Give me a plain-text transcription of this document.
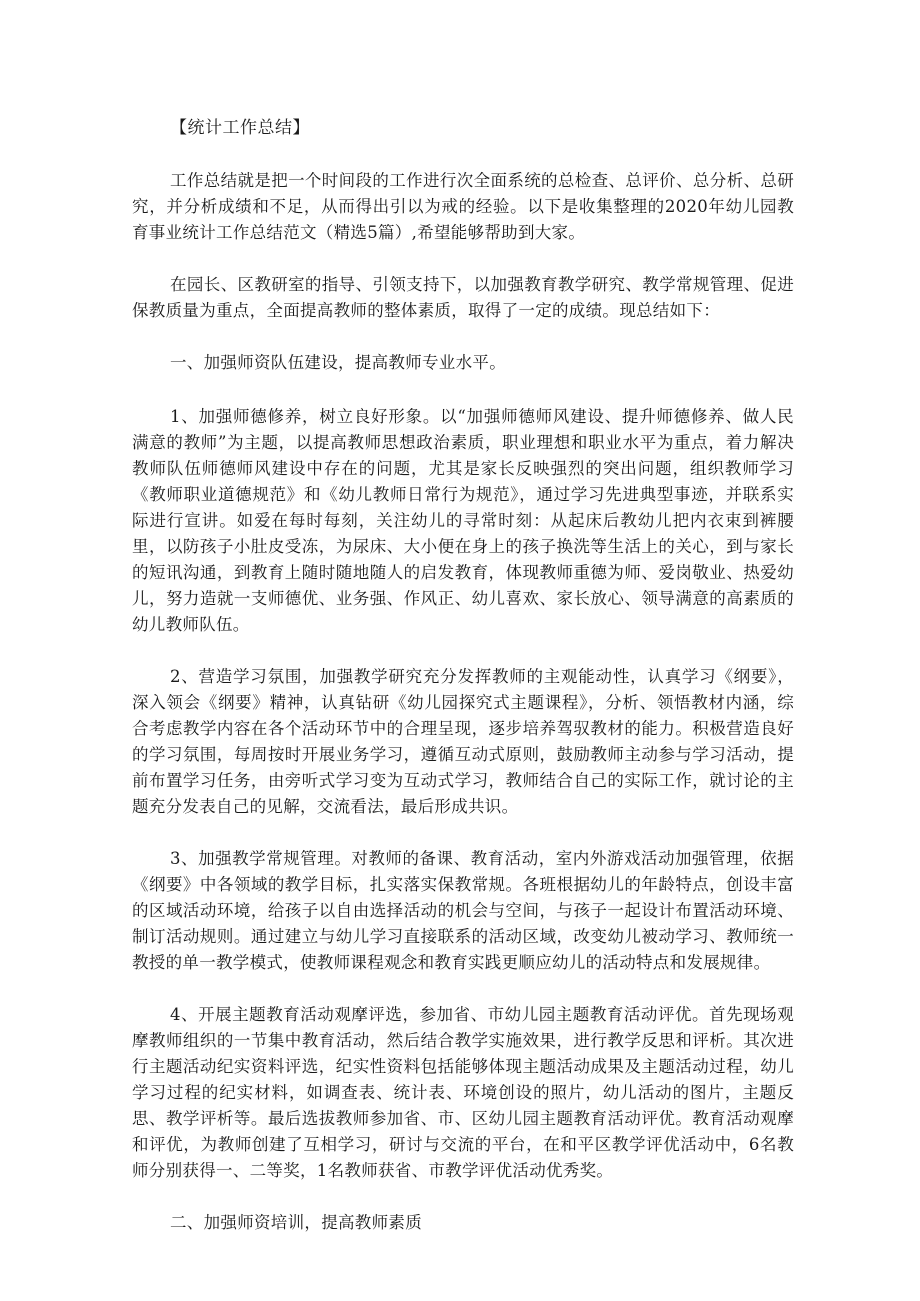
【统计工作总结】

工作总结就是把一个时间段的工作进行次全面系统的总检查、总评价、总分析、总研究，并分析成绩和不足，从而得出引以为戒的经验。以下是收集整理的2020年幼儿园教育事业统计工作总结范文（精选5篇）,希望能够帮助到大家。

在园长、区教研室的指导、引领支持下，以加强教育教学研究、教学常规管理、促进保教质量为重点，全面提高教师的整体素质，取得了一定的成绩。现总结如下：

一、加强师资队伍建设，提高教师专业水平。

1、加强师德修养，树立良好形象。以“加强师德师风建设、提升师德修养、做人民满意的教师”为主题，以提高教师思想政治素质，职业理想和职业水平为重点，着力解决教师队伍师德师风建设中存在的问题，尤其是家长反映强烈的突出问题，组织教师学习《教师职业道德规范》和《幼儿教师日常行为规范》，通过学习先进典型事迹，并联系实际进行宣讲。如爱在每时每刻，关注幼儿的寻常时刻：从起床后教幼儿把内衣束到裤腰里，以防孩子小肚皮受冻，为尿床、大小便在身上的孩子换洗等生活上的关心，到与家长的短讯沟通，到教育上随时随地随人的启发教育，体现教师重德为师、爱岗敬业、热爱幼儿，努力造就一支师德优、业务强、作风正、幼儿喜欢、家长放心、领导满意的高素质的幼儿教师队伍。

2、营造学习氛围，加强教学研究充分发挥教师的主观能动性，认真学习《纲要》，深入领会《纲要》精神，认真钻研《幼儿园探究式主题课程》，分析、领悟教材内涵，综合考虑教学内容在各个活动环节中的合理呈现，逐步培养驾驭教材的能力。积极营造良好的学习氛围，每周按时开展业务学习，遵循互动式原则，鼓励教师主动参与学习活动，提前布置学习任务，由旁听式学习变为互动式学习，教师结合自己的实际工作，就讨论的主题充分发表自己的见解，交流看法，最后形成共识。

3、加强教学常规管理。对教师的备课、教育活动，室内外游戏活动加强管理，依据《纲要》中各领域的教学目标，扎实落实保教常规。各班根据幼儿的年龄特点，创设丰富的区域活动环境，给孩子以自由选择活动的机会与空间，与孩子一起设计布置活动环境、制订活动规则。通过建立与幼儿学习直接联系的活动区域，改变幼儿被动学习、教师统一教授的单一教学模式，使教师课程观念和教育实践更顺应幼儿的活动特点和发展规律。

4、开展主题教育活动观摩评选，参加省、市幼儿园主题教育活动评优。首先现场观摩教师组织的一节集中教育活动，然后结合教学实施效果，进行教学反思和评析。其次进行主题活动纪实资料评选，纪实性资料包括能够体现主题活动成果及主题活动过程，幼儿学习过程的纪实材料，如调查表、统计表、环境创设的照片，幼儿活动的图片，主题反思、教学评析等。最后选拔教师参加省、市、区幼儿园主题教育活动评优。教育活动观摩和评优，为教师创建了互相学习，研讨与交流的平台，在和平区教学评优活动中，6名教师分别获得一、二等奖，1名教师获省、市教学评优活动优秀奖。

二、加强师资培训，提高教师素质
